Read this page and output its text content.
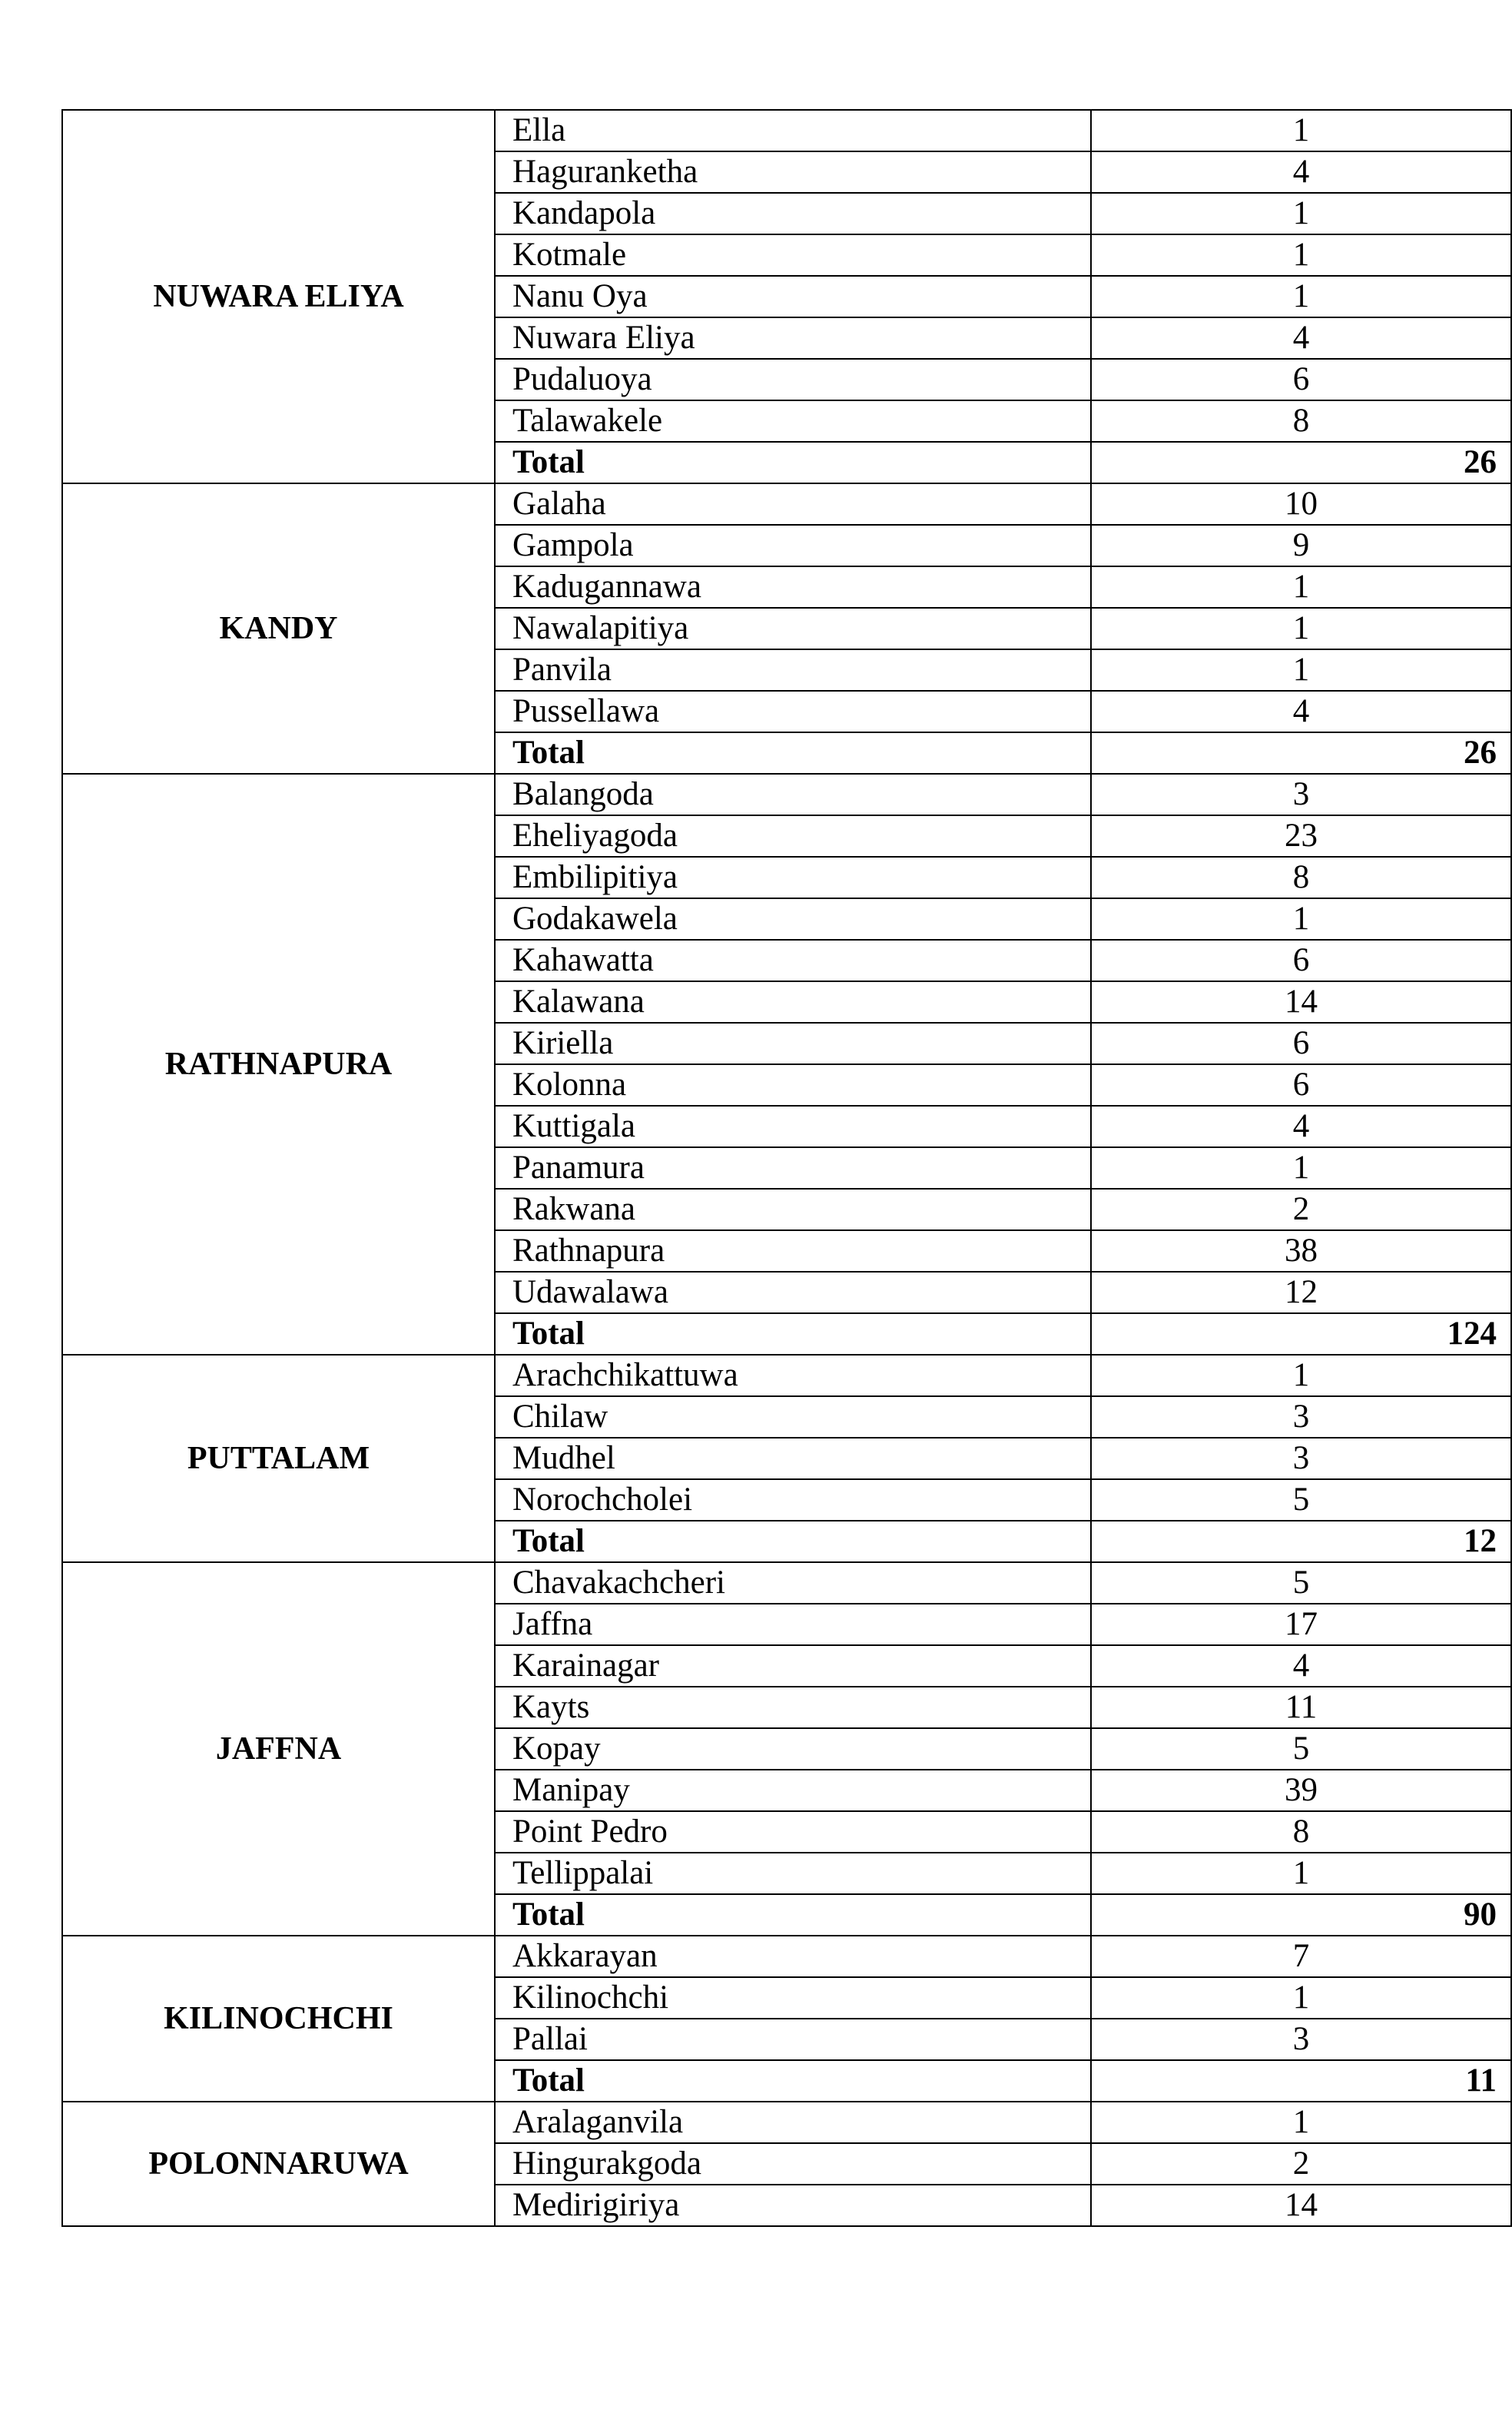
NUWARA ELIYA	Ella	1
	Haguranketha	4
	Kandapola	1
	Kotmale	1
	Nanu Oya	1
	Nuwara Eliya	4
	Pudaluoya	6
	Talawakele	8
	Total	26
KANDY	Galaha	10
	Gampola	9
	Kadugannawa	1
	Nawalapitiya	1
	Panvila	1
	Pussellawa	4
	Total	26
RATHNAPURA	Balangoda	3
	Eheliyagoda	23
	Embilipitiya	8
	Godakawela	1
	Kahawatta	6
	Kalawana	14
	Kiriella	6
	Kolonna	6
	Kuttigala	4
	Panamura	1
	Rakwana	2
	Rathnapura	38
	Udawalawa	12
	Total	124
PUTTALAM	Arachchikattuwa	1
	Chilaw	3
	Mudhel	3
	Norochcholei	5
	Total	12
JAFFNA	Chavakachcheri	5
	Jaffna	17
	Karainagar	4
	Kayts	11
	Kopay	5
	Manipay	39
	Point Pedro	8
	Tellippalai	1
	Total	90
KILINOCHCHI	Akkarayan	7
	Kilinochchi	1
	Pallai	3
	Total	11
POLONNARUWA	Aralaganvila	1
	Hingurakgoda	2
	Medirigiriya	14
